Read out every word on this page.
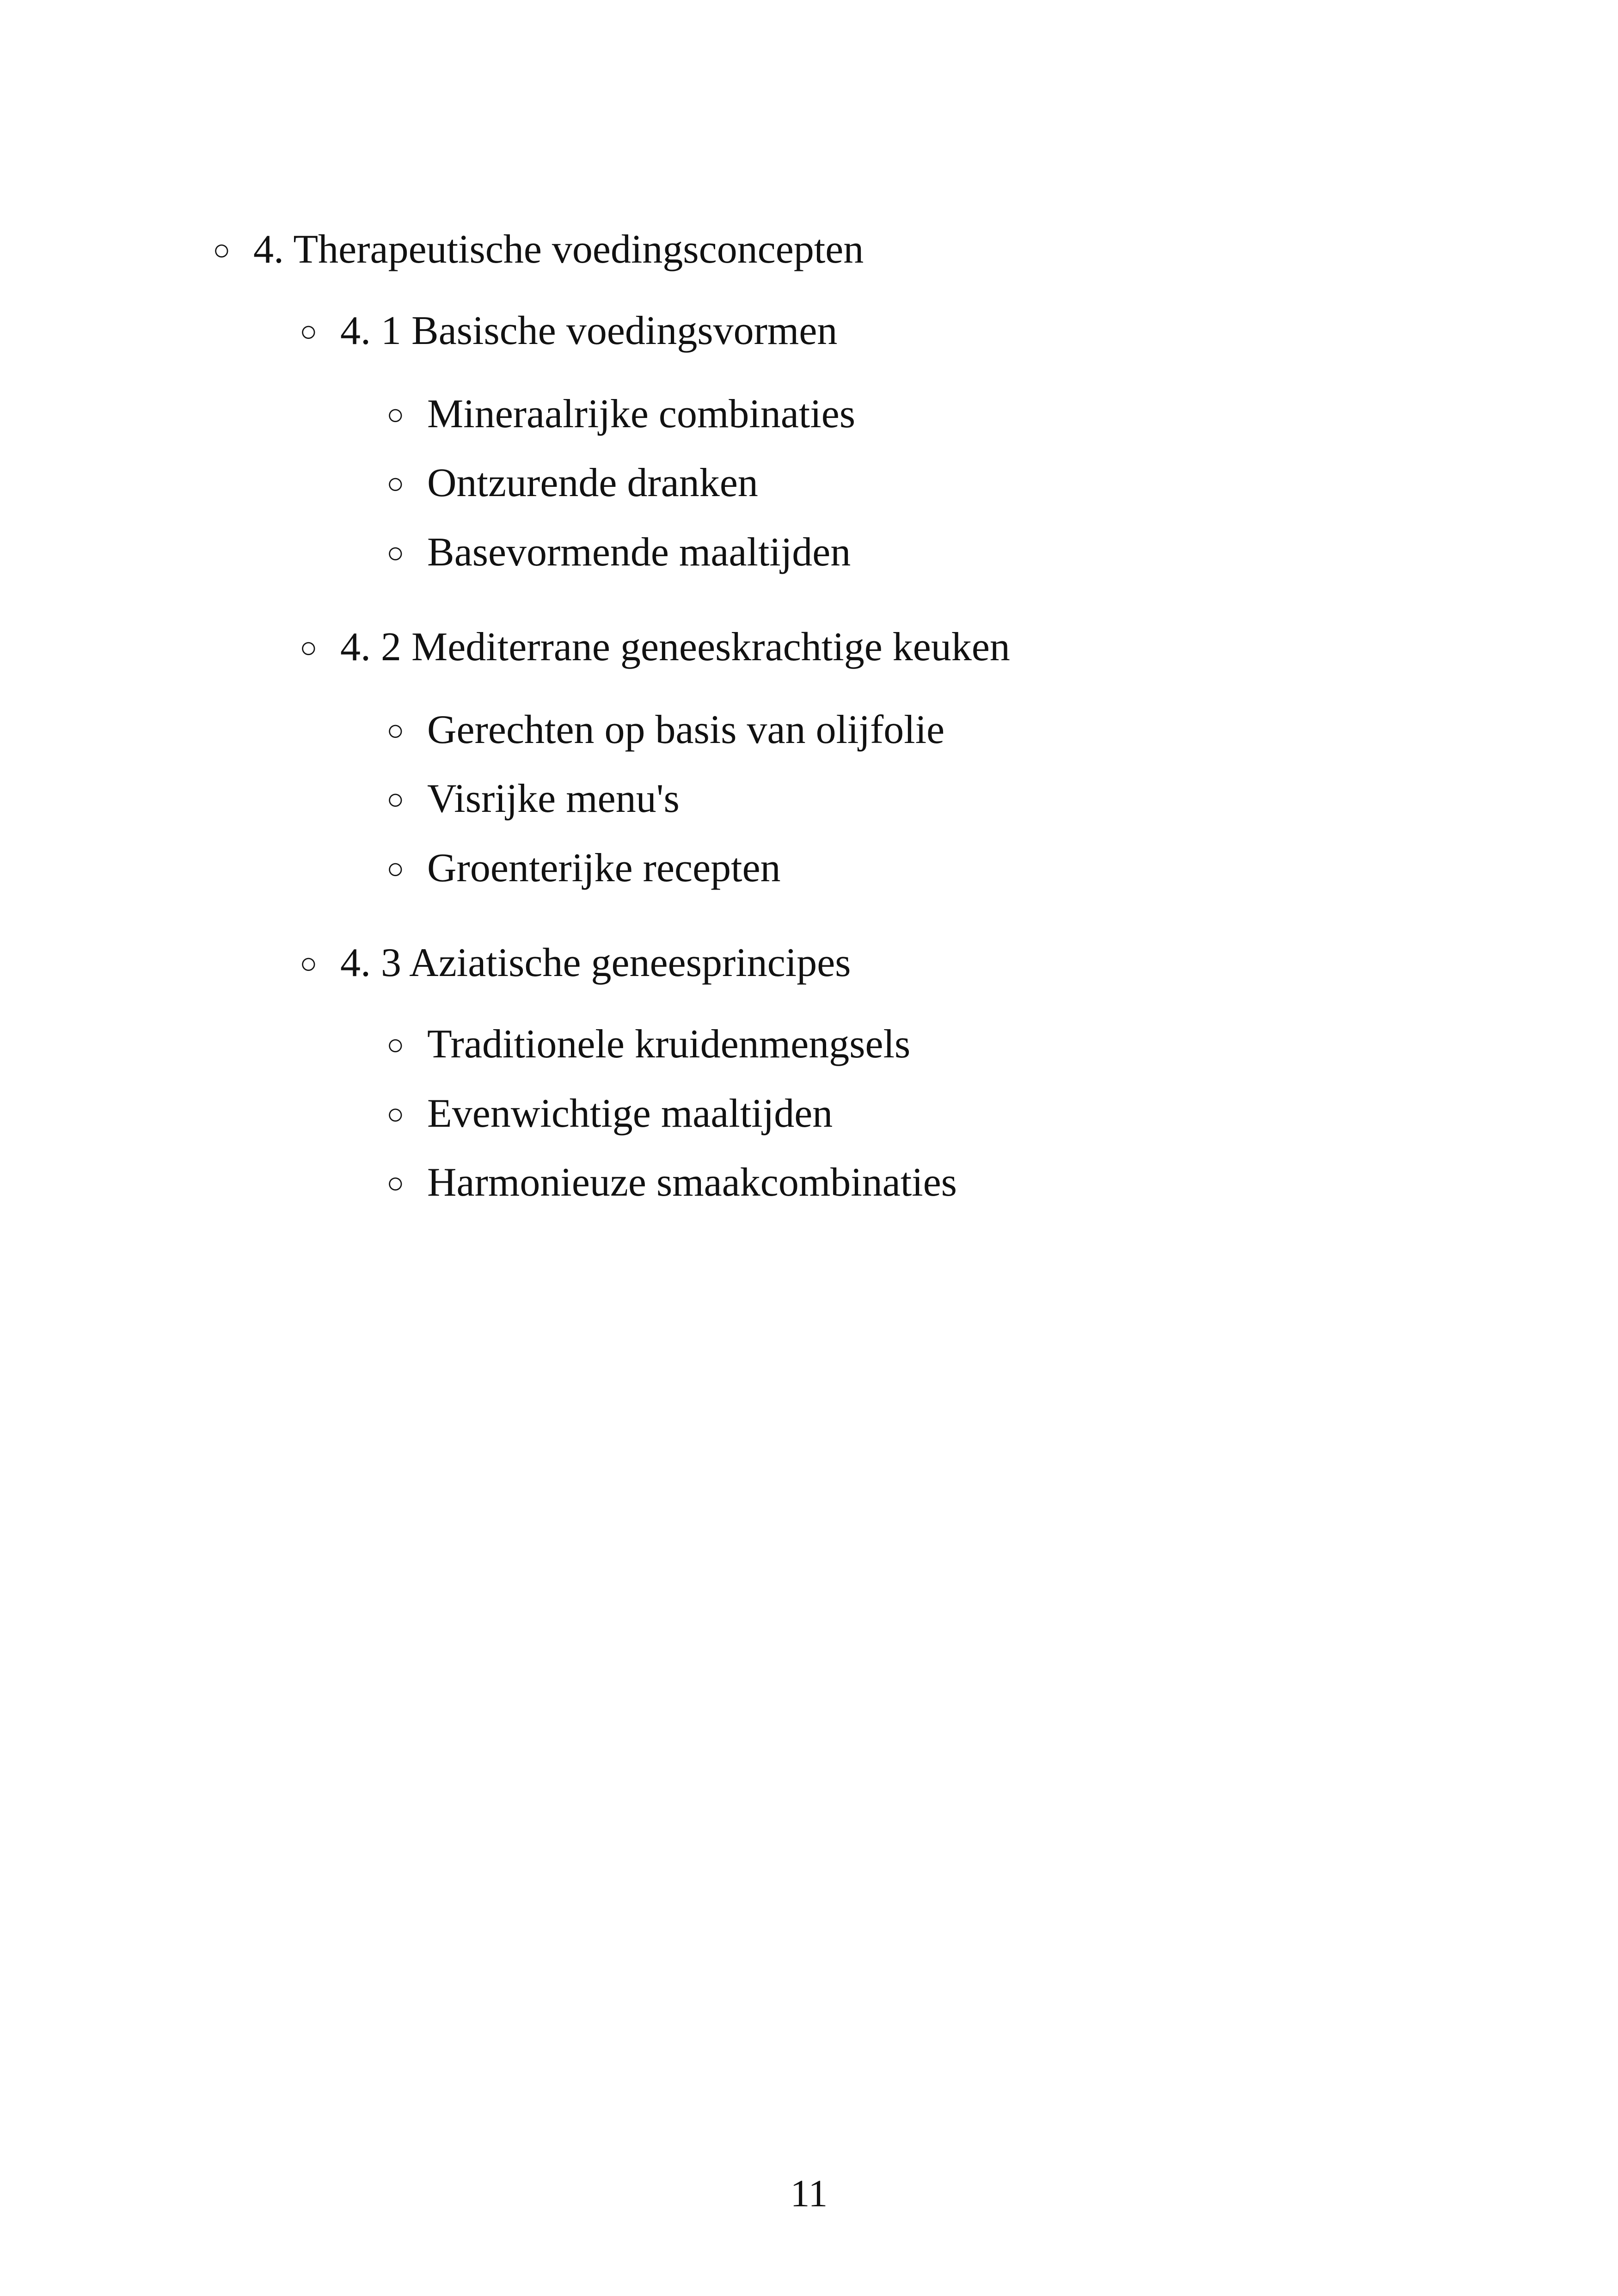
○ 4. Therapeutische voedingsconcepten
○ 4. 1 Basische voedingsvormen
○ Mineraalrijke combinaties
○ Ontzurende dranken
○ Basevormende maaltijden
○ 4. 2 Mediterrane geneeskrachtige keuken
○ Gerechten op basis van olijfolie
○ Visrijke menu's
○ Groenterijke recepten
○ 4. 3 Aziatische geneesprincipes
○ Traditionele kruidenmengsels
○ Evenwichtige maaltijden
○ Harmonieuze smaakcombinaties
11
